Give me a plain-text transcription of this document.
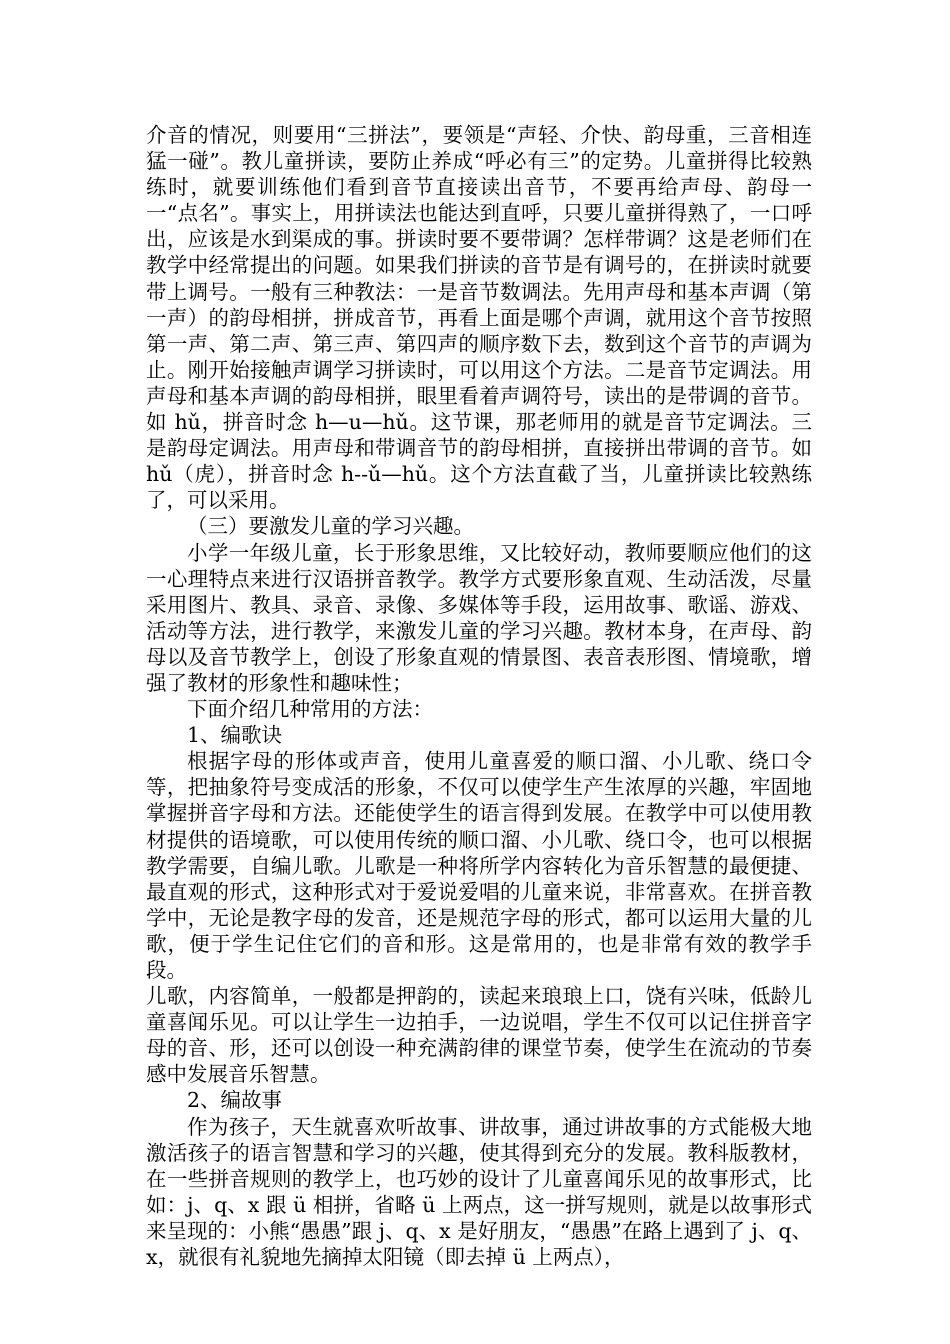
介音的情况，则要用“三拼法”，要领是“声轻、介快、韵母重，三音相连猛一碰”。教儿童拼读，要防止养成“呼必有三”的定势。儿童拼得比较熟练时，就要训练他们看到音节直接读出音节，不要再给声母、韵母一一“点名”。事实上，用拼读法也能达到直呼，只要儿童拼得熟了，一口呼出，应该是水到渠成的事。拼读时要不要带调？怎样带调？这是老师们在教学中经常提出的问题。如果我们拼读的音节是有调号的，在拼读时就要带上调号。一般有三种教法：一是音节数调法。先用声母和基本声调（第一声）的韵母相拼，拼成音节，再看上面是哪个声调，就用这个音节按照第一声、第二声、第三声、第四声的顺序数下去，数到这个音节的声调为止。刚开始接触声调学习拼读时，可以用这个方法。二是音节定调法。用声母和基本声调的韵母相拼，眼里看着声调符号，读出的是带调的音节。如 hǔ，拼音时念 h—u—hǔ。这节课，那老师用的就是音节定调法。三是韵母定调法。用声母和带调音节的韵母相拼，直接拼出带调的音节。如 hǔ（虎），拼音时念 h--ǔ—hǔ。这个方法直截了当，儿童拼读比较熟练了，可以采用。

（三）要激发儿童的学习兴趣。

小学一年级儿童，长于形象思维，又比较好动，教师要顺应他们的这一心理特点来进行汉语拼音教学。教学方式要形象直观、生动活泼，尽量采用图片、教具、录音、录像、多媒体等手段，运用故事、歌谣、游戏、活动等方法，进行教学，来激发儿童的学习兴趣。教材本身，在声母、韵母以及音节教学上，创设了形象直观的情景图、表音表形图、情境歌，增强了教材的形象性和趣味性；

下面介绍几种常用的方法：

1、编歌诀

根据字母的形体或声音，使用儿童喜爱的顺口溜、小儿歌、绕口令等，把抽象符号变成活的形象，不仅可以使学生产生浓厚的兴趣，牢固地掌握拼音字母和方法。还能使学生的语言得到发展。在教学中可以使用教材提供的语境歌，可以使用传统的顺口溜、小儿歌、绕口令，也可以根据教学需要，自编儿歌。儿歌是一种将所学内容转化为音乐智慧的最便捷、最直观的形式，这种形式对于爱说爱唱的儿童来说，非常喜欢。在拼音教学中，无论是教字母的发音，还是规范字母的形式，都可以运用大量的儿歌，便于学生记住它们的音和形。这是常用的，也是非常有效的教学手段。

儿歌，内容简单，一般都是押韵的，读起来琅琅上口，饶有兴味，低龄儿童喜闻乐见。可以让学生一边拍手，一边说唱，学生不仅可以记住拼音字母的音、形，还可以创设一种充满韵律的课堂节奏，使学生在流动的节奏感中发展音乐智慧。

2、编故事

作为孩子，天生就喜欢听故事、讲故事，通过讲故事的方式能极大地激活孩子的语言智慧和学习的兴趣，使其得到充分的发展。教科版教材，在一些拼音规则的教学上，也巧妙的设计了儿童喜闻乐见的故事形式，比如：j、q、x 跟 ü 相拼，省略 ü 上两点，这一拼写规则，就是以故事形式来呈现的：小熊“愚愚”跟 j、q、x 是好朋友，“愚愚”在路上遇到了 j、q、x，就很有礼貌地先摘掉太阳镜（即去掉 ü 上两点），
